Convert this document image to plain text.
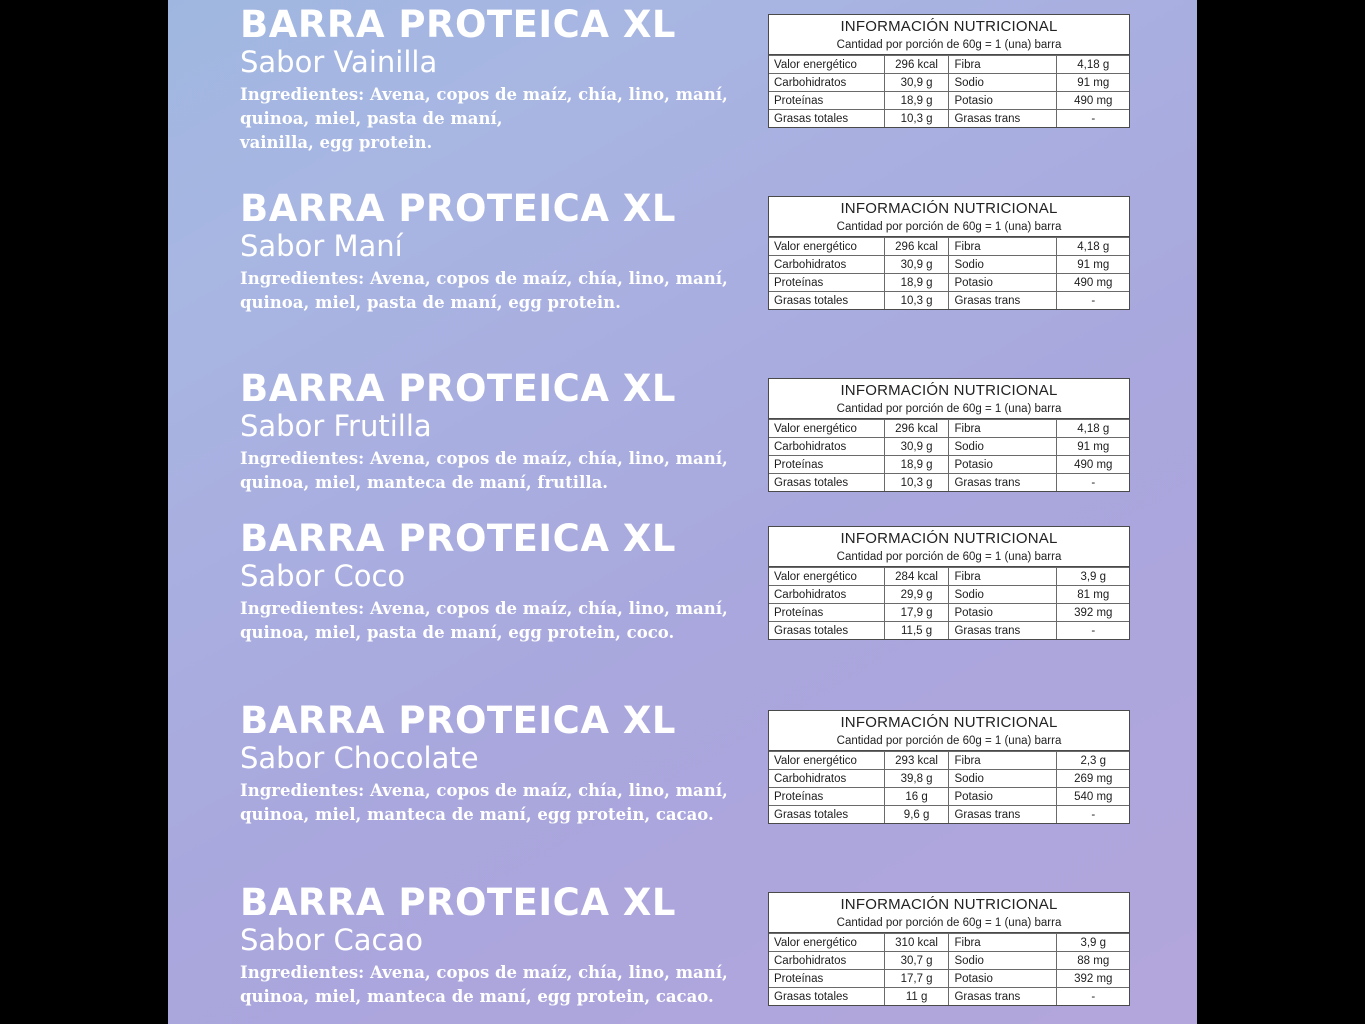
BARRA PROTEICA XL
Sabor Vainilla
Ingredientes: Avena, copos de maíz, chía, lino, maní,
quinoa, miel, pasta de maní,
vainilla, egg protein.
INFORMACIÓN NUTRICIONAL
Cantidad por porción de 60g = 1 (una) barra
Valor energético	296 kcal	Fibra	4,18 g
Carbohidratos	30,9 g	Sodio	91 mg
Proteínas	18,9 g	Potasio	490 mg
Grasas totales	10,3 g	Grasas trans	-
BARRA PROTEICA XL
Sabor Maní
Ingredientes: Avena, copos de maíz, chía, lino, maní,
quinoa, miel, pasta de maní, egg protein.
INFORMACIÓN NUTRICIONAL
Cantidad por porción de 60g = 1 (una) barra
Valor energético	296 kcal	Fibra	4,18 g
Carbohidratos	30,9 g	Sodio	91 mg
Proteínas	18,9 g	Potasio	490 mg
Grasas totales	10,3 g	Grasas trans	-
BARRA PROTEICA XL
Sabor Frutilla
Ingredientes: Avena, copos de maíz, chía, lino, maní,
quinoa, miel, manteca de maní, frutilla.
INFORMACIÓN NUTRICIONAL
Cantidad por porción de 60g = 1 (una) barra
Valor energético	296 kcal	Fibra	4,18 g
Carbohidratos	30,9 g	Sodio	91 mg
Proteínas	18,9 g	Potasio	490 mg
Grasas totales	10,3 g	Grasas trans	-
BARRA PROTEICA XL
Sabor Coco
Ingredientes: Avena, copos de maíz, chía, lino, maní,
quinoa, miel, pasta de maní, egg protein, coco.
INFORMACIÓN NUTRICIONAL
Cantidad por porción de 60g = 1 (una) barra
Valor energético	284 kcal	Fibra	3,9 g
Carbohidratos	29,9 g	Sodio	81 mg
Proteínas	17,9 g	Potasio	392 mg
Grasas totales	11,5 g	Grasas trans	-
BARRA PROTEICA XL
Sabor Chocolate
Ingredientes: Avena, copos de maíz, chía, lino, maní,
quinoa, miel, manteca de maní, egg protein, cacao.
INFORMACIÓN NUTRICIONAL
Cantidad por porción de 60g = 1 (una) barra
Valor energético	293 kcal	Fibra	2,3 g
Carbohidratos	39,8 g	Sodio	269 mg
Proteínas	16 g	Potasio	540 mg
Grasas totales	9,6 g	Grasas trans	-
BARRA PROTEICA XL
Sabor Cacao
Ingredientes: Avena, copos de maíz, chía, lino, maní,
quinoa, miel, manteca de maní, egg protein, cacao.
INFORMACIÓN NUTRICIONAL
Cantidad por porción de 60g = 1 (una) barra
Valor energético	310 kcal	Fibra	3,9 g
Carbohidratos	30,7 g	Sodio	88 mg
Proteínas	17,7 g	Potasio	392 mg
Grasas totales	11 g	Grasas trans	-
